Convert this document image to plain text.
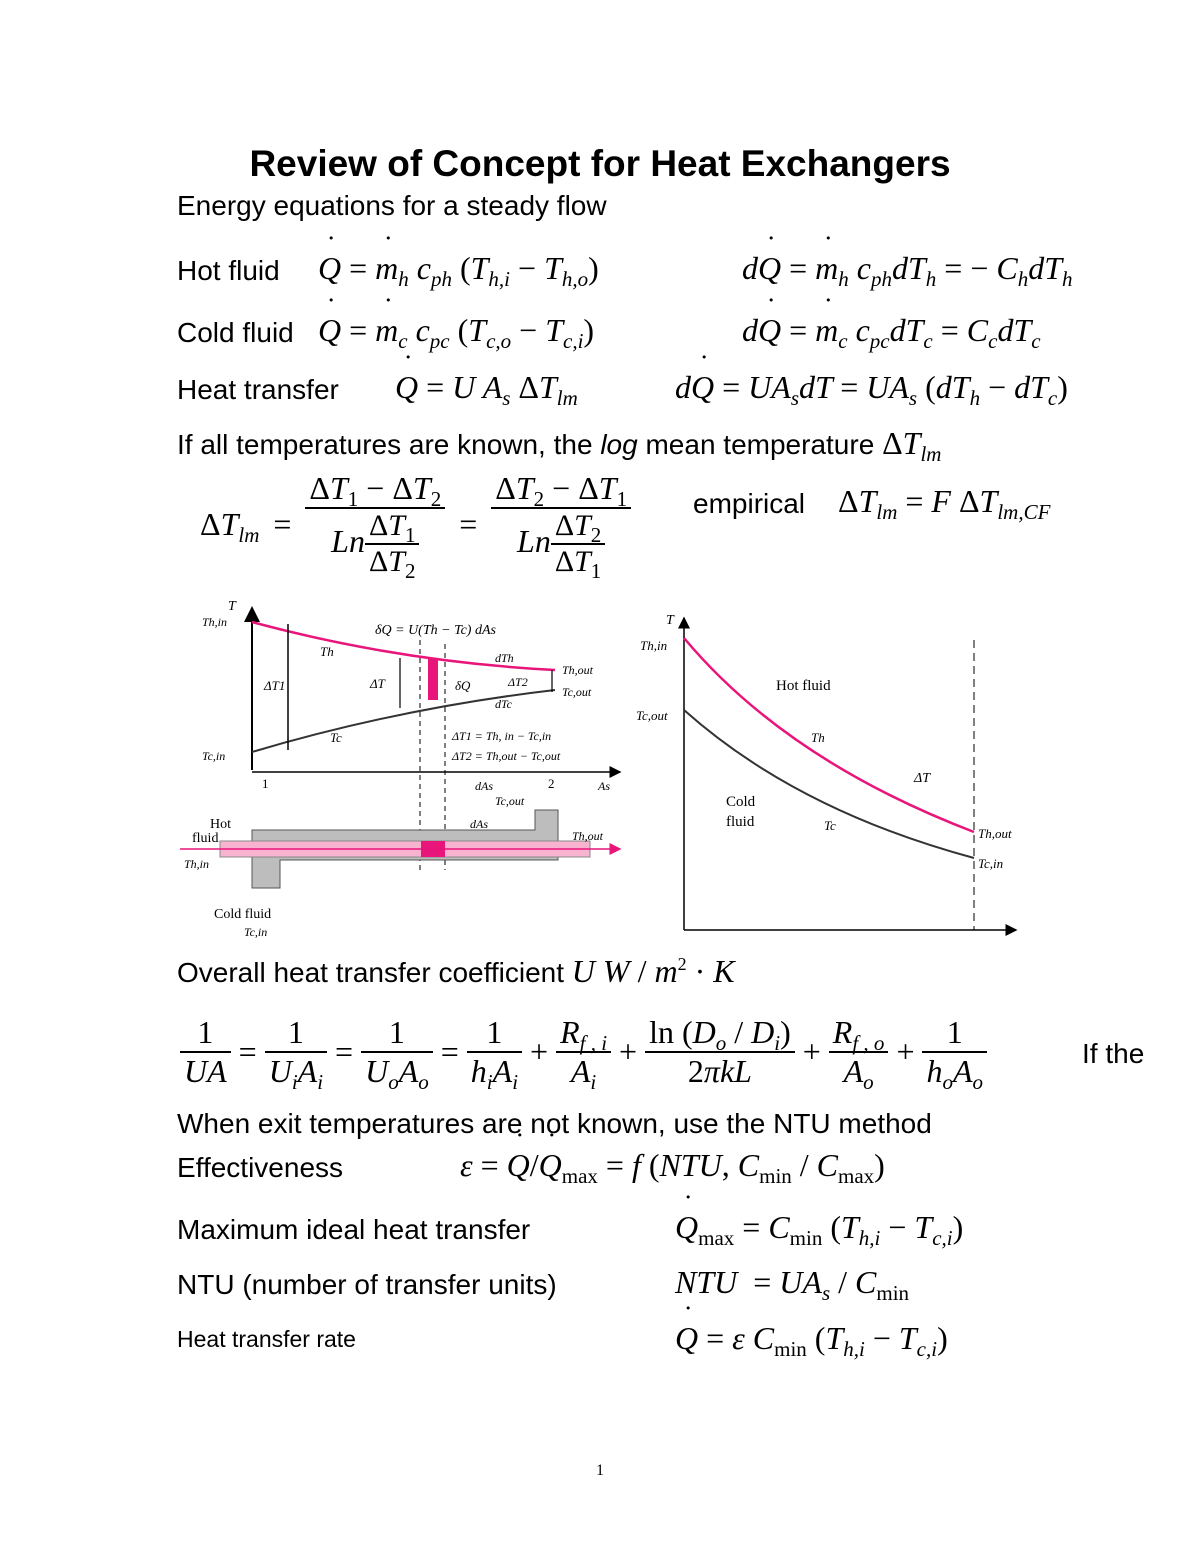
Review of Concept for Heat Exchangers
Energy equations for a steady flow
Hot fluid ˙ Q = ˙ $m_h$ $c_{ph}$ $(T_{h,i} - T_{h,o})$	d˙ Q = ˙ $m_h$ $c_{ph}dT_h$ = − $C_hdT_h$
Cold fluid ˙ Q = ˙ $m_c$ $c_{pc}$ $(T_{c,o} - T_{c,i})$	d˙ Q = ˙ $m_c$ $c_{pc}dT_c = C_cdT_c$
Heat transfer ˙ Q = U $A_s$ $\Delta T_{lm}$	d˙ $Q = UA_sdT = UA_s$ $(dT_h - dT_c)$
If all temperatures are known, the log mean temperature $\Delta T_{lm}$
$\Delta T_{lm} = \frac{\Delta T_1 - \Delta T_2}{Ln \frac{\Delta T_1}{\Delta T_2}} = \frac{\Delta T_2 - \Delta T_1}{Ln \frac{\Delta T_2}{\Delta T_1}}$ empirical $\Delta T_{lm} = F$ $\Delta T_{lm,CF}$
T
Th,in
Tc,in
δQ = U(Th − Tc) dAs
Th
Tc
ΔT1	ΔT	δQ
dTh
dTc
ΔT2
Th,out
Tc,out
ΔT1 = Th, in − Tc,in
ΔT2 = Th,out − Tc,out
1	2
dAs	As
Tc,out
dAs
Hot
fluid
Th,in
Th,out
Cold fluid
Tc,in
T
Th,in
Tc,out
Hot fluid
Th
ΔT
Cold
fluid	Tc
Th,out
Tc,in
Overall heat transfer coefficient U $W / m^2 \cdot K$
$\frac{1}{UA} = \frac{1}{U_iA_i} = \frac{1}{U_oA_o} = \frac{1}{h_iA_i} + \frac{R_{f , i}}{A_i} + \frac{\ln (D_o / D_i)}{\text{2πkL}} + \frac{R_{f , o}}{A_o} + \frac{1}{h_oA_o}$	If the
When exit temperatures are not known, use the NTU method
Effectiveness	ε = ˙ Q/˙ $Q_{max} = f$ (NTU, $C_{min} / C_{max}$)
Maximum ideal heat transfer	˙ $Q_{max} = C_{min}$ $(T_{h,i} - T_{c,i})$
NTU (number of transfer units)	NTU  = $UA_s / C_{min}$
Heat transfer rate	˙ Q = ε $C_{min}$ $(T_{h,i} - T_{c,i})$
1
